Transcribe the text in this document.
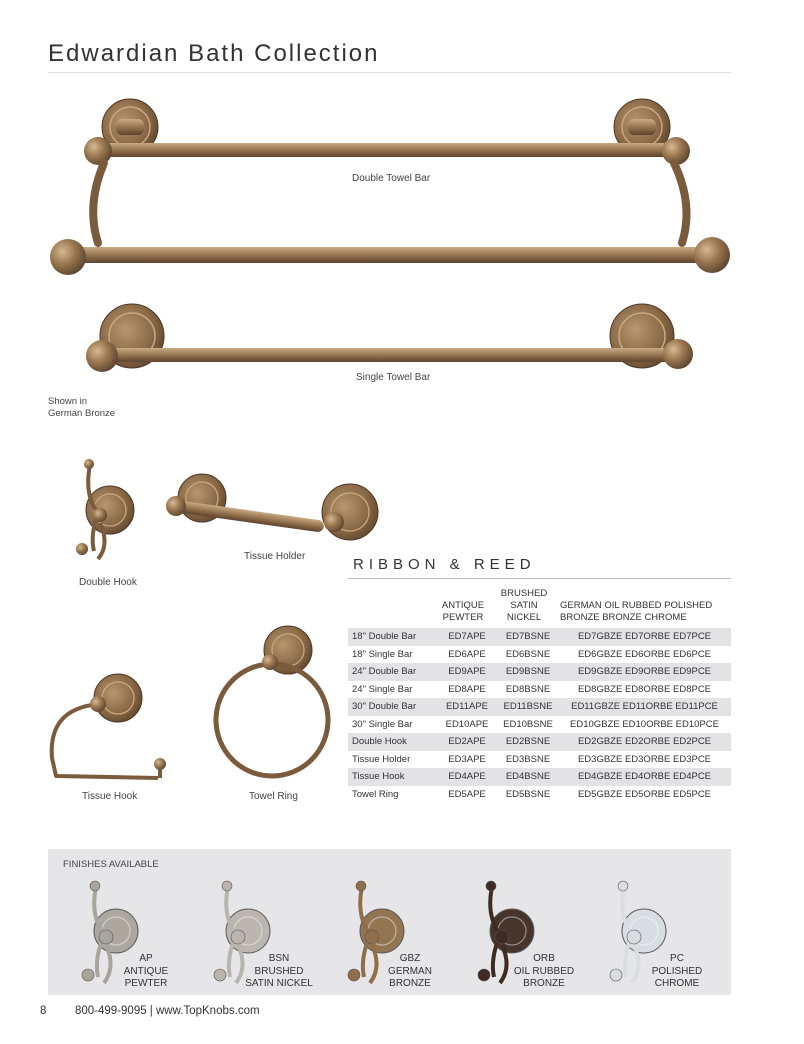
Edwardian Bath Collection
Double Towel Bar
Single Towel Bar
Shown in
German Bronze
Double Hook
Tissue Holder
Tissue Hook	Towel Ring
RIBBON & REED
ANTIQUE
PEWTER
BRUSHED
SATIN
NICKEL
GERMAN OIL RUBBED POLISHED
BRONZE BRONZE CHROME
18" Double Bar	ED7APE	ED7BSNE	ED7GBZE ED7ORBE ED7PCE
18" Single Bar	ED6APE	ED6BSNE	ED6GBZE ED6ORBE ED6PCE
24" Double Bar	ED9APE	ED9BSNE	ED9GBZE ED9ORBE ED9PCE
24" Single Bar	ED8APE	ED8BSNE	ED8GBZE ED8ORBE ED8PCE
30" Double Bar	ED11APE	ED11BSNE	ED11GBZE ED11ORBE ED11PCE
30" Single Bar	ED10APE	ED10BSNE	ED10GBZE ED10ORBE ED10PCE
Double Hook	ED2APE	ED2BSNE	ED2GBZE ED2ORBE ED2PCE
Tissue Holder	ED3APE	ED3BSNE	ED3GBZE ED3ORBE ED3PCE
Tissue Hook	ED4APE	ED4BSNE	ED4GBZE ED4ORBE ED4PCE
Towel Ring	ED5APE	ED5BSNE	ED5GBZE ED5ORBE ED5PCE
FINISHES AVAILABLE
AP
ANTIQUE
PEWTER
BSN
BRUSHED
SATIN NICKEL
GBZ
GERMAN
BRONZE
ORB
OIL RUBBED
BRONZE
PC
POLISHED
CHROME
8 800-499-9095 | www.TopKnobs.com
